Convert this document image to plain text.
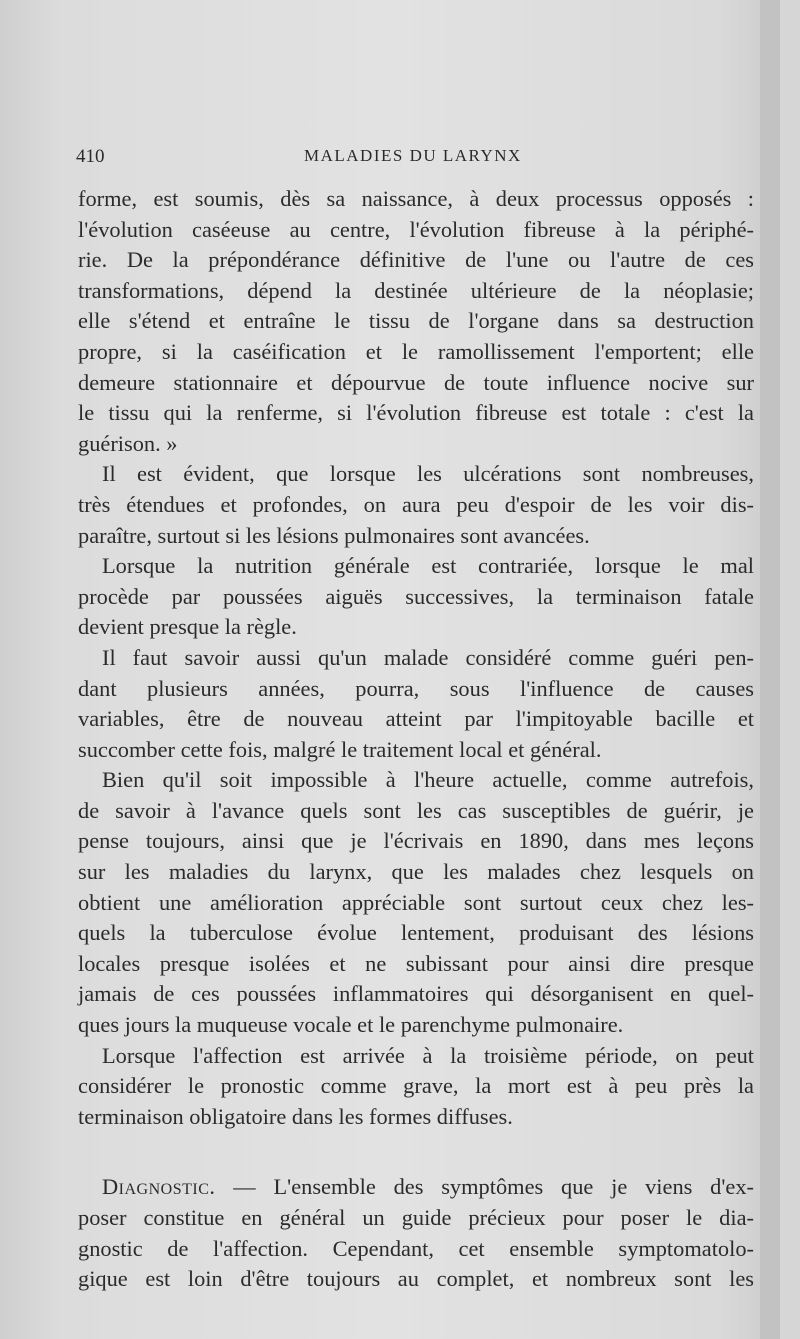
410	MALADIES DU LARYNX
forme, est soumis, dès sa naissance, à deux processus opposés :
l'évolution caséeuse au centre, l'évolution fibreuse à la périphé-
rie. De la prépondérance définitive de l'une ou l'autre de ces
transformations, dépend la destinée ultérieure de la néoplasie;
elle s'étend et entraîne le tissu de l'organe dans sa destruction
propre, si la caséification et le ramollissement l'emportent; elle
demeure stationnaire et dépourvue de toute influence nocive sur
le tissu qui la renferme, si l'évolution fibreuse est totale : c'est la
guérison. »
Il est évident, que lorsque les ulcérations sont nombreuses,
très étendues et profondes, on aura peu d'espoir de les voir dis-
paraître, surtout si les lésions pulmonaires sont avancées.
Lorsque la nutrition générale est contrariée, lorsque le mal
procède par poussées aiguës successives, la terminaison fatale
devient presque la règle.
Il faut savoir aussi qu'un malade considéré comme guéri pen-
dant plusieurs années, pourra, sous l'influence de causes
variables, être de nouveau atteint par l'impitoyable bacille et
succomber cette fois, malgré le traitement local et général.
Bien qu'il soit impossible à l'heure actuelle, comme autrefois,
de savoir à l'avance quels sont les cas susceptibles de guérir, je
pense toujours, ainsi que je l'écrivais en 1890, dans mes leçons
sur les maladies du larynx, que les malades chez lesquels on
obtient une amélioration appréciable sont surtout ceux chez les-
quels la tuberculose évolue lentement, produisant des lésions
locales presque isolées et ne subissant pour ainsi dire presque
jamais de ces poussées inflammatoires qui désorganisent en quel-
ques jours la muqueuse vocale et le parenchyme pulmonaire.
Lorsque l'affection est arrivée à la troisième période, on peut
considérer le pronostic comme grave, la mort est à peu près la
terminaison obligatoire dans les formes diffuses.
Diagnostic. — L'ensemble des symptômes que je viens d'ex-
poser constitue en général un guide précieux pour poser le dia-
gnostic de l'affection. Cependant, cet ensemble symptomatolo-
gique est loin d'être toujours au complet, et nombreux sont les
